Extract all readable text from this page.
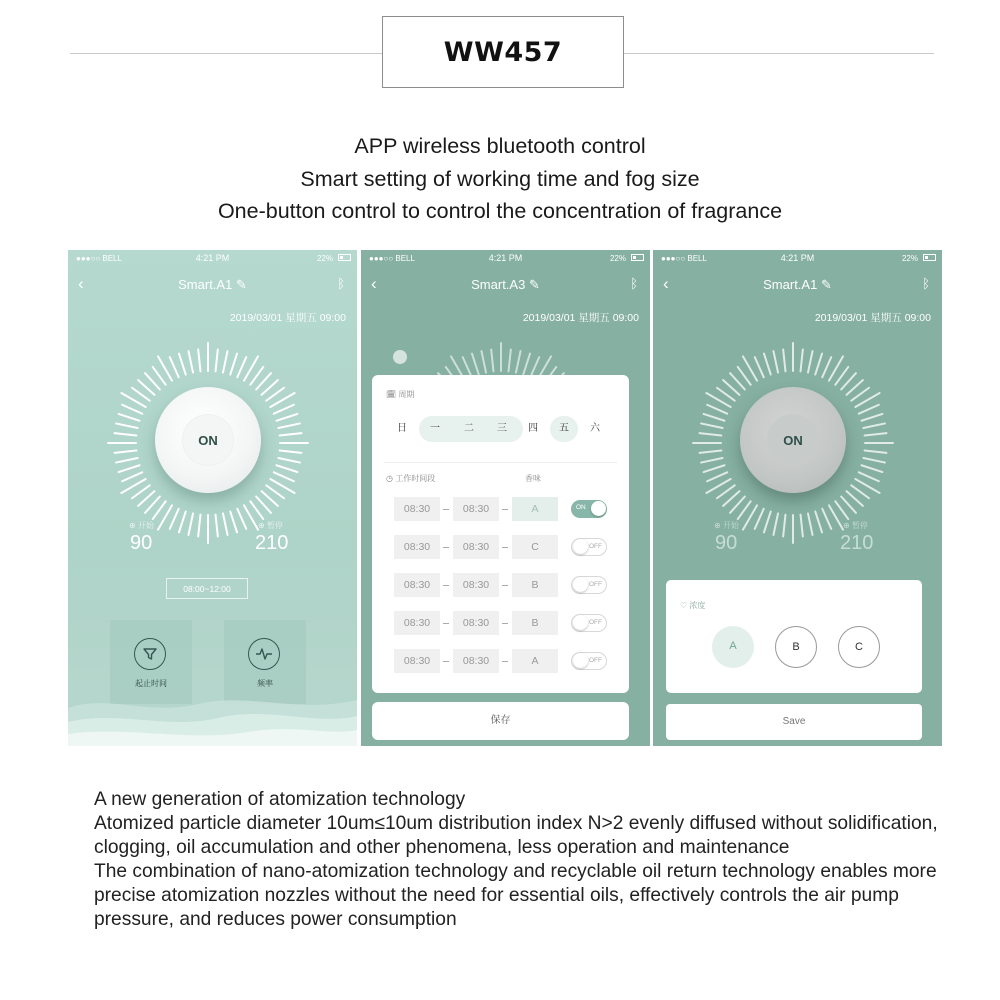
WW457
APP wireless bluetooth control
Smart setting of working time and fog size
One-button control to control the concentration of fragrance
●●●○○ BELL	4:21 PM	22%
‹	Smart.A1 ✎	ᛒ
2019/03/01 星期五 09:00
ON
⊕ 开始
90
⊕ 暂停
210
08:00~12:00
起止时间	频率
●●●○○ BELL	4:21 PM	22%
‹	Smart.A3 ✎	ᛒ
2019/03/01 星期五 09:00
🗓 周期
日	一	二	三	四	五	六
◷ 工作时间段	香味
08:30	08:30	A	ON
08:30	08:30	C	OFF
08:30	08:30	B	OFF
08:30	08:30	B	OFF
08:30	08:30	A	OFF
保存
●●●○○ BELL	4:21 PM	22%
‹	Smart.A1 ✎	ᛒ
2019/03/01 星期五 09:00
ON
⊕ 开始
90
⊕ 暂停
210
♡ 浓度
A	B	C
Save
A new generation of atomization technology
Atomized particle diameter 10um≤10um distribution index N>2 evenly diffused without solidification, clogging, oil accumulation and other phenomena, less operation and maintenance
The combination of nano-atomization technology and recyclable oil return technology enables more precise atomization nozzles without the need for essential oils, effectively controls the air pump pressure, and reduces power consumption
